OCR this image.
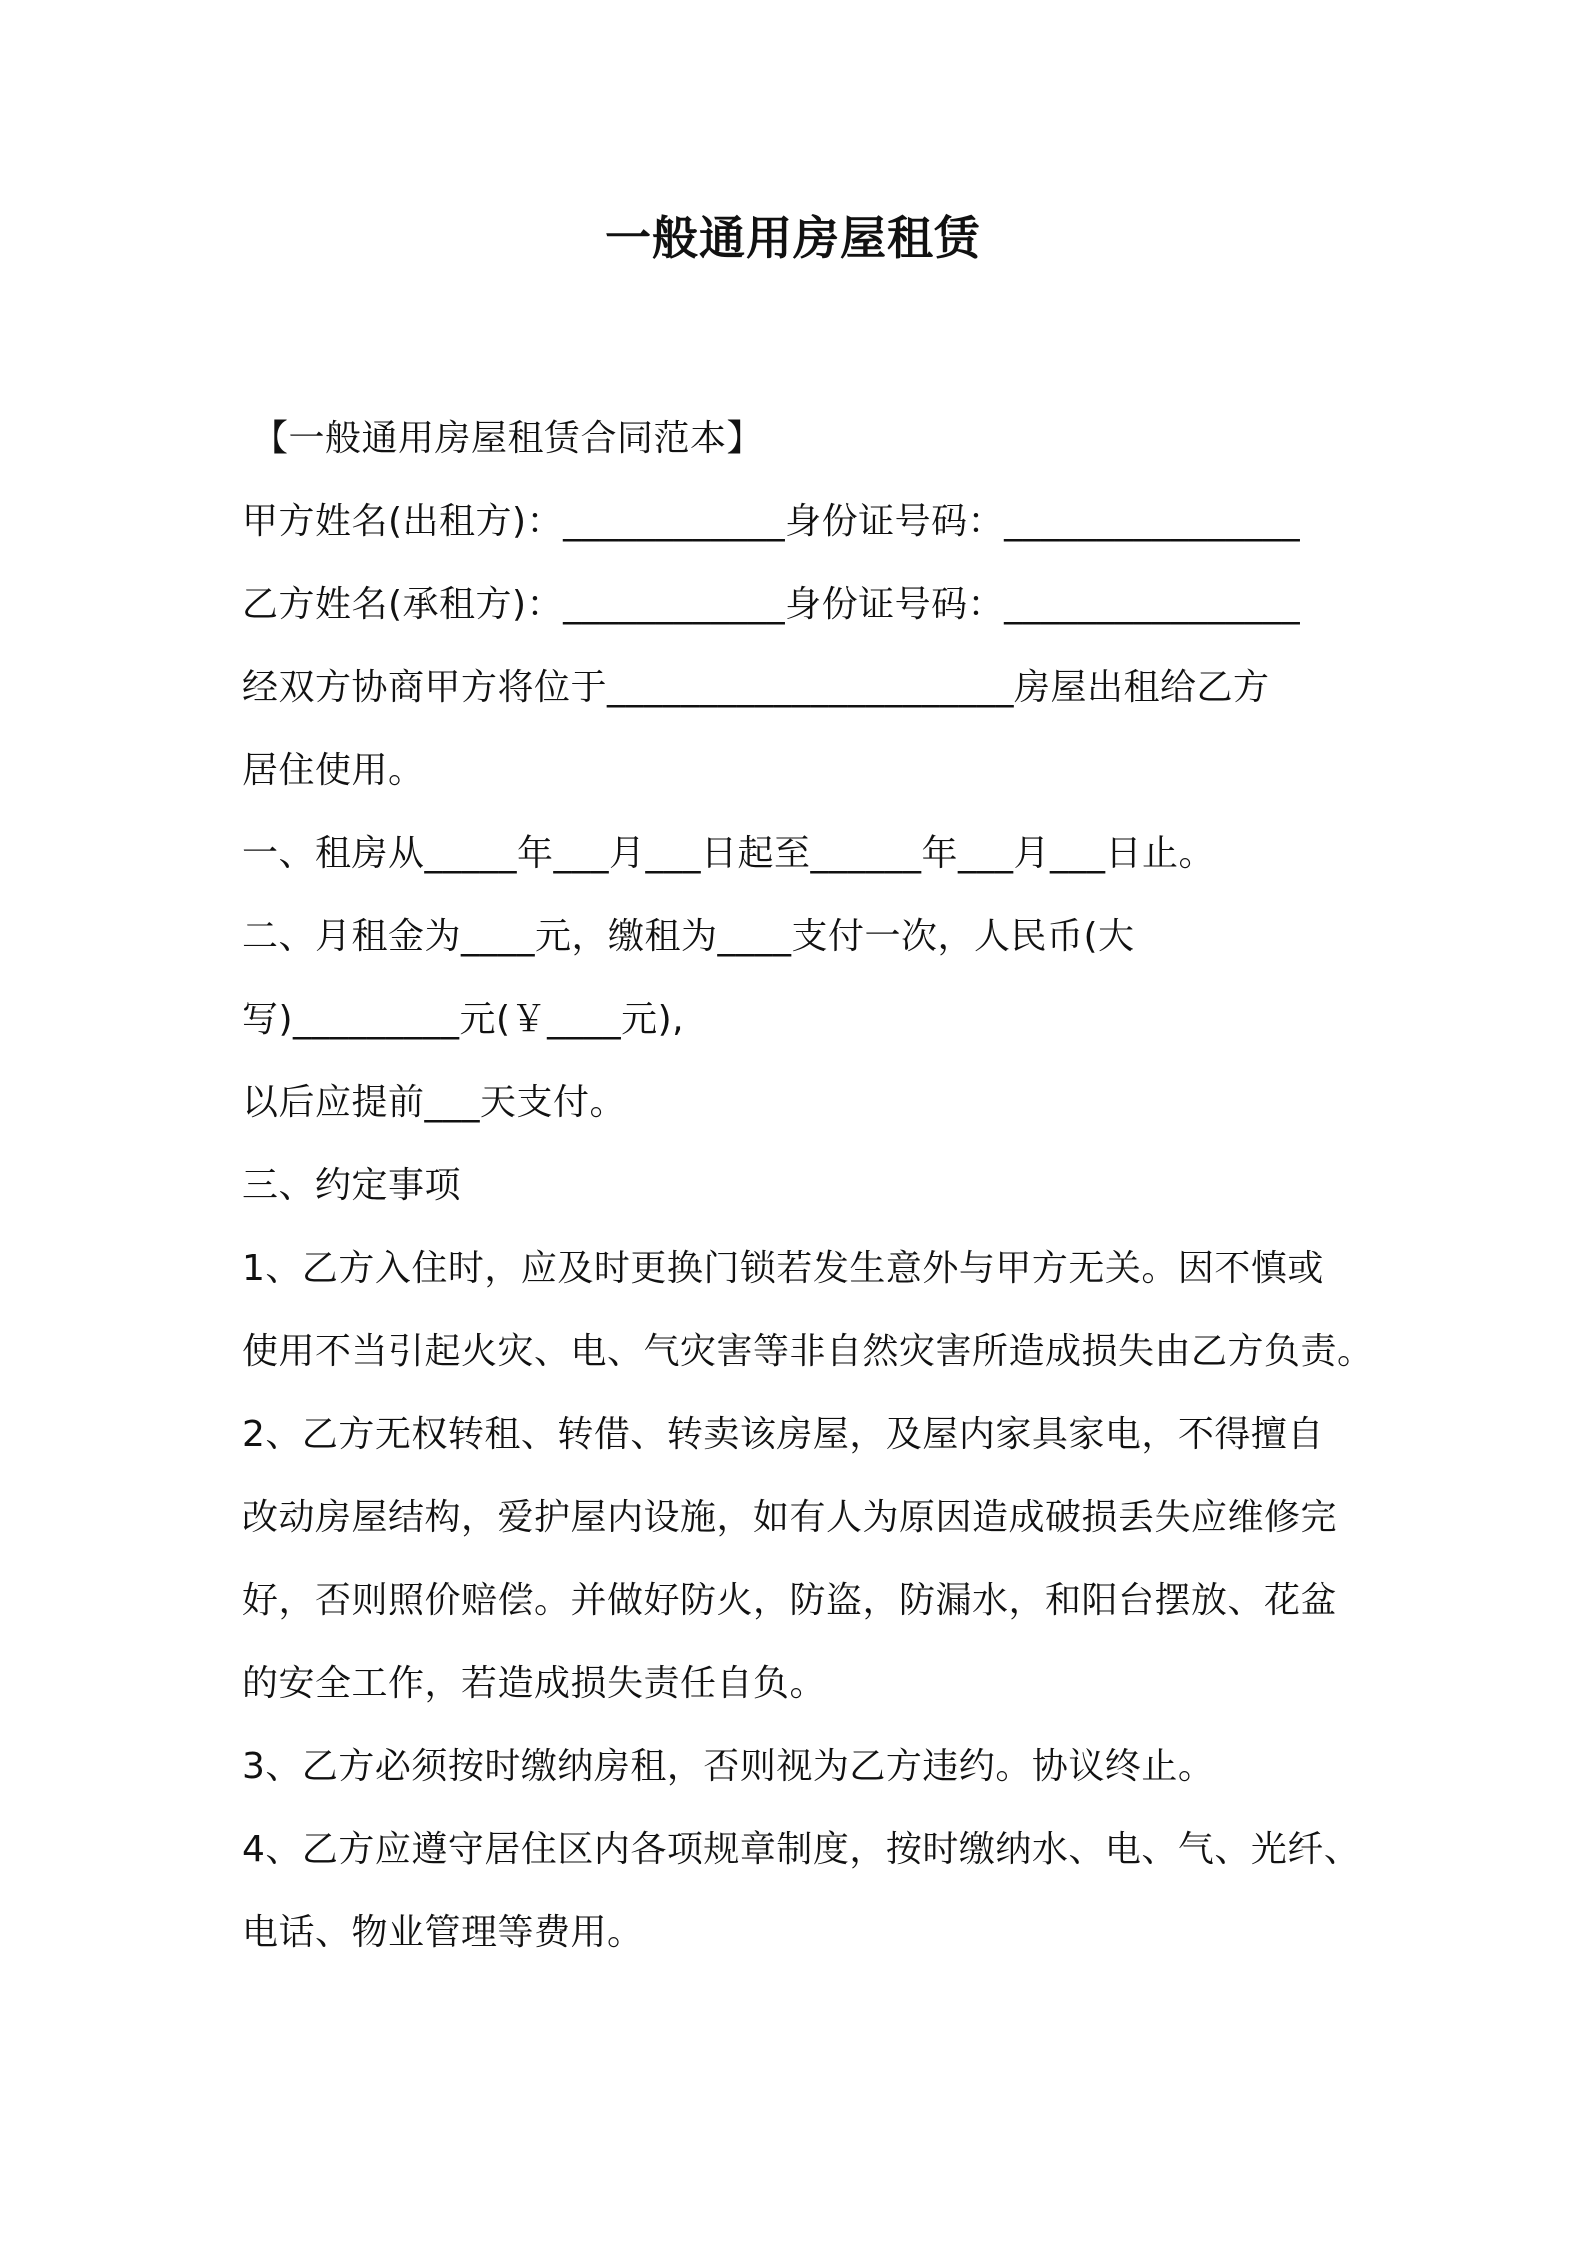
一般通用房屋租赁
【一般通用房屋租赁合同范本】
甲方姓名(出租方)：____________身份证号码：________________
乙方姓名(承租方)：____________身份证号码：________________
经双方协商甲方将位于______________________房屋出租给乙方
居住使用。
一、租房从_____年___月___日起至______年___月___日止。
二、月租金为____元，缴租为____支付一次，人民币(大
写)_________元(￥____元),
以后应提前___天支付。
三、约定事项
1、乙方入住时，应及时更换门锁若发生意外与甲方无关。因不慎或
使用不当引起火灾、电、气灾害等非自然灾害所造成损失由乙方负责。
2、乙方无权转租、转借、转卖该房屋，及屋内家具家电，不得擅自
改动房屋结构，爱护屋内设施，如有人为原因造成破损丢失应维修完
好，否则照价赔偿。并做好防火，防盗，防漏水，和阳台摆放、花盆
的安全工作，若造成损失责任自负。
3、乙方必须按时缴纳房租，否则视为乙方违约。协议终止。
4、乙方应遵守居住区内各项规章制度，按时缴纳水、电、气、光纤、
电话、物业管理等费用。
